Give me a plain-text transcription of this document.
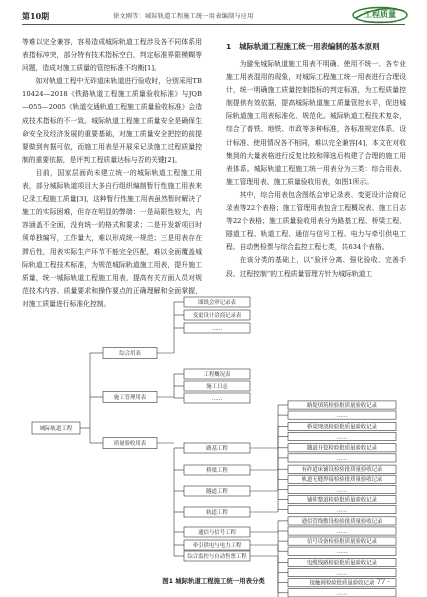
第10期	徐文刚等：城际轨道工程施工统一用表编制与应用	工程质量
CONSTRUCTION QUALITY

等难以完全兼容，容易造成城际轨道工程涉及各不同体系用表指标冲突，部分特有技术指标空白，判定标准界限模糊等问题，造成对施工质量的管控标准不均衡[1]。

如对轨道工程中无砟道床轨道进行验收时，分别采用TB 10424—2018《铁路轨道工程施工质量验收标准》与JQB—055—2005《轨道交通轨道工程施工质量验收标准》会造成技术指标的不一致。城际轨道工程施工质量安全是确保生命安全及经济发展的重要基础，对施工质量安全把控的前提要做到有据可依，而施工用表是开展采记录施工过程质量控制的重要依据，是评判工程质量达标与否的关键[2]。

目前，国家层面尚未建立统一的城际轨道工程施工用表，部分城际轨道项目大多自行组织编制暂行性施工用表来记录工程施工质量[3]，这种暂行性施工用表虽然暂时解决了施工的实际困难，但存在明显的弊端：一是局限性较大，内容涵盖不全面，没有统一的格式和要求；二是开发新项目时须单独编写，工作量大，难以形成统一规范；三是用表存在滞后性，用表实际生产环节不能完全匹配，难以全面覆盖城际轨道工程技术标准，为规范城际轨道施工用表，提升施工质量，统一城际轨道工程施工用表，提高有关方面人员对规范技术内容、质量要求和操作要点的正确理解和全面掌握，对施工质量进行标准化控制。

1 城际轨道工程施工统一用表编制的基本原则

为避免城际轨道施工用表不明确、使用不统一、各专业施工用表混用的现象，对城际工程施工统一用表进行合理设计，统一明确施工质量控制指标的判定标准，为工程质量控制提供有效依据，提高城际轨道施工质量管控水平，促进城际轨道施工用表标准化、规范化。城际轨道工程技术复杂，综合了普铁、地铁、市政等多种标准，各标准规定体系、设计标准、使用情况各不相同，难以完全兼容[4]，本文在对收集到的大量表格进行反复比较和筛选后构建了合理的施工用表体系。城际轨道工程施工统一用表分为三类：综合用表、施工管理用表、施工质量验收用表，如图1所示。

其中，综合用表包含图纸会审记录表、变更设计洽商记录表等22个表格；施工管理用表包含工程概况表、施工日志等22个表格；施工质量验收用表分为路基工程、桥梁工程、隧道工程、轨道工程、通信与信号工程、电力与牵引供电工程、自动售检票与综合监控工程七类，共634个表格。

在该分类的基础上，以“验评分离、强化验收、完善手段、过程控制”的工程质量管理方针为城际轨道工

城际轨道工程
综合用表
施工管理用表
质量验收用表
图纸会审记录表
变更设计洽商记录表
……
工程概况表
施工日志
……
路基工程
桥梁工程
隧道工程
轨道工程
通信与信号工程
牵引供电与电力工程
综合监控与自动售票工程
路堤填筑检验批质量验收记录
……
桥梁现浇检验批质量验收记录
……
隧道开挖检验批质量验收记录
……
有砟道床铺设检验批质量验收记录
轨道无缝焊接检验批质量验收记录
……
铺砟整道检验批质量验收记录
……
通信管线敷设检验批质量验收记录
……
信号设备检验批质量验收记录
……
电缆线路检验批质量验收记录
……
接触网检验批质量验收记录
……
图1 城际轨道工程施工统一用表分类	· 77 ·
